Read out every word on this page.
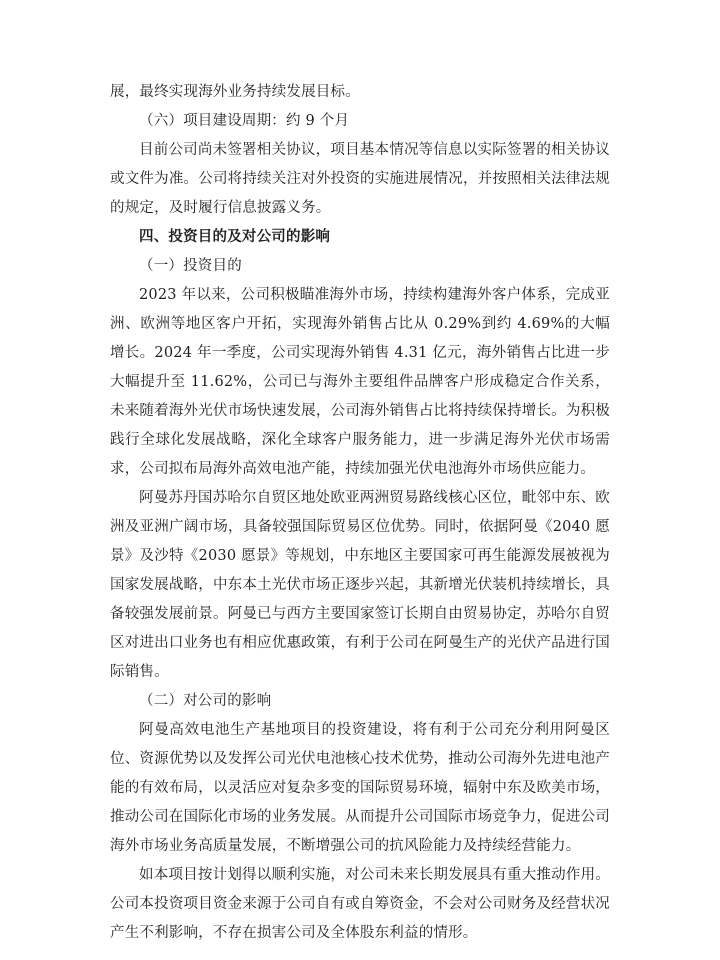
展，最终实现海外业务持续发展目标。

（六）项目建设周期：约 9 个月

目前公司尚未签署相关协议，项目基本情况等信息以实际签署的相关协议或文件为准。公司将持续关注对外投资的实施进展情况，并按照相关法律法规的规定，及时履行信息披露义务。

四、投资目的及对公司的影响

（一）投资目的

2023 年以来，公司积极瞄准海外市场，持续构建海外客户体系，完成亚洲、欧洲等地区客户开拓，实现海外销售占比从 0.29%到约 4.69%的大幅增长。2024 年一季度，公司实现海外销售 4.31 亿元，海外销售占比进一步大幅提升至 11.62%，公司已与海外主要组件品牌客户形成稳定合作关系，未来随着海外光伏市场快速发展，公司海外销售占比将持续保持增长。为积极践行全球化发展战略，深化全球客户服务能力，进一步满足海外光伏市场需求，公司拟布局海外高效电池产能，持续加强光伏电池海外市场供应能力。

阿曼苏丹国苏哈尔自贸区地处欧亚两洲贸易路线核心区位，毗邻中东、欧洲及亚洲广阔市场，具备较强国际贸易区位优势。同时，依据阿曼《2040 愿景》及沙特《2030 愿景》等规划，中东地区主要国家可再生能源发展被视为国家发展战略，中东本土光伏市场正逐步兴起，其新增光伏装机持续增长，具备较强发展前景。阿曼已与西方主要国家签订长期自由贸易协定，苏哈尔自贸区对进出口业务也有相应优惠政策，有利于公司在阿曼生产的光伏产品进行国际销售。

（二）对公司的影响

阿曼高效电池生产基地项目的投资建设，将有利于公司充分利用阿曼区位、资源优势以及发挥公司光伏电池核心技术优势，推动公司海外先进电池产能的有效布局，以灵活应对复杂多变的国际贸易环境，辐射中东及欧美市场，推动公司在国际化市场的业务发展。从而提升公司国际市场竞争力，促进公司海外市场业务高质量发展，不断增强公司的抗风险能力及持续经营能力。

如本项目按计划得以顺利实施，对公司未来长期发展具有重大推动作用。公司本投资项目资金来源于公司自有或自筹资金，不会对公司财务及经营状况产生不利影响，不存在损害公司及全体股东利益的情形。
